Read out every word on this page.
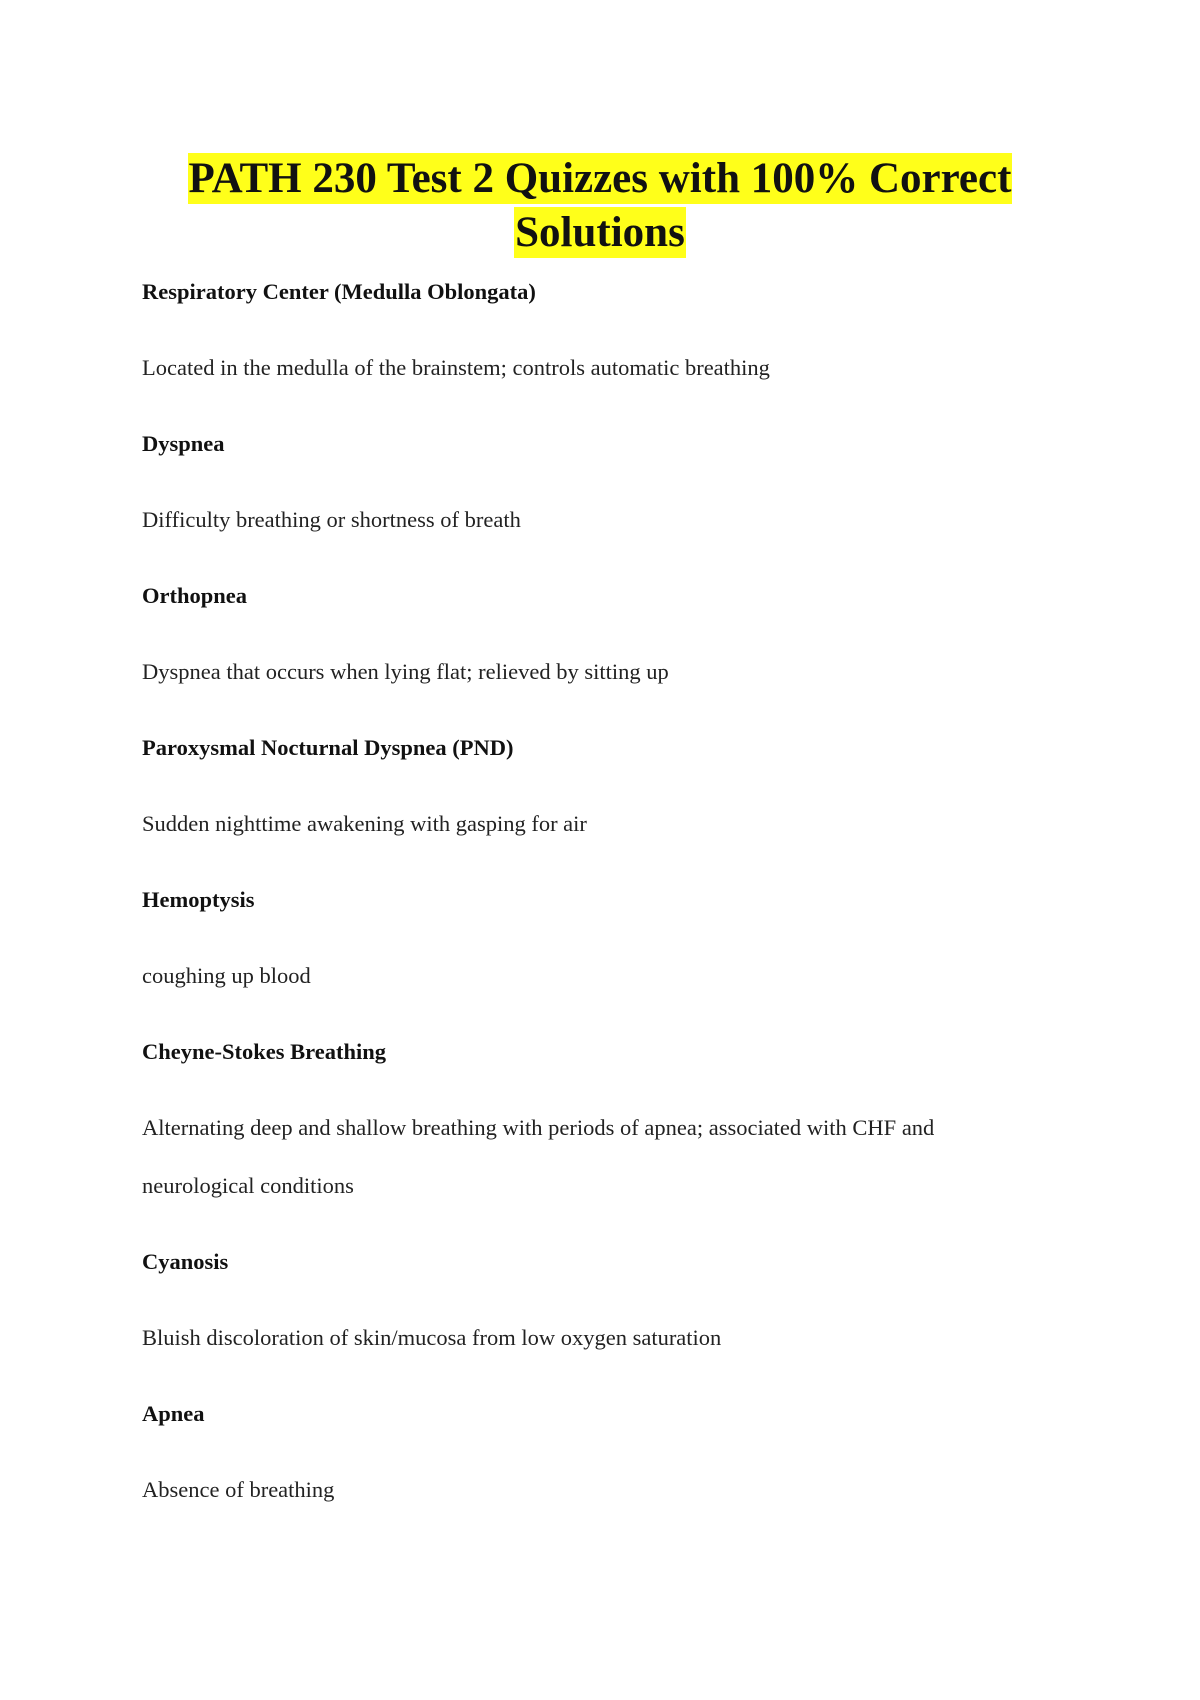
PATH 230 Test 2 Quizzes with 100% Correct Solutions

Respiratory Center (Medulla Oblongata)

Located in the medulla of the brainstem; controls automatic breathing

Dyspnea

Difficulty breathing or shortness of breath

Orthopnea

Dyspnea that occurs when lying flat; relieved by sitting up

Paroxysmal Nocturnal Dyspnea (PND)

Sudden nighttime awakening with gasping for air

Hemoptysis

coughing up blood

Cheyne-Stokes Breathing

Alternating deep and shallow breathing with periods of apnea; associated with CHF and neurological conditions

Cyanosis

Bluish discoloration of skin/mucosa from low oxygen saturation

Apnea

Absence of breathing
